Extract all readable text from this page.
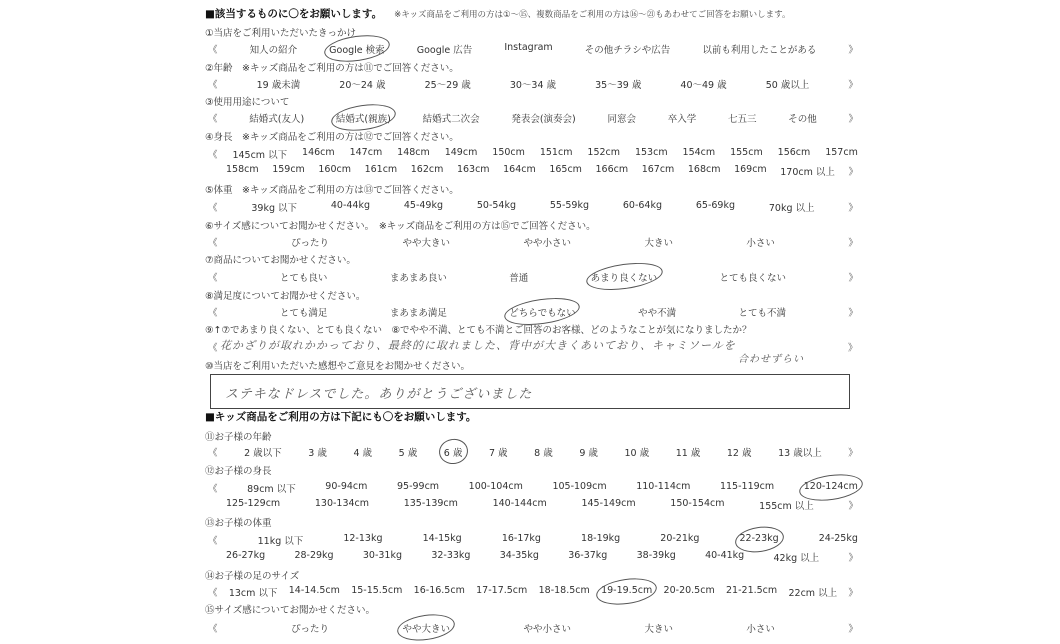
■該当するものに〇をお願いします。 ※キッズ商品をご利用の方は①～⑮、複数商品をご利用の方は⑯～㉑もあわせてご回答をお願いします。
①当店をご利用いただいたきっかけ
《	知人の紹介	Google 検索	Google 広告	Instagram	その他チラシや広告	以前も利用したことがある	》
②年齢　※キッズ商品をご利用の方は⑪でご回答ください。
《	19 歳未満	20～24 歳	25～29 歳	30～34 歳	35～39 歳	40～49 歳	50 歳以上	》
③使用用途について
《	結婚式(友人)	結婚式(親族)	結婚式二次会	発表会(演奏会)	同窓会	卒入学	七五三	その他	》
④身長　※キッズ商品をご利用の方は⑫でご回答ください。
《 145cm 以下 146cm 147cm 148cm 149cm 150cm 151cm 152cm 153cm 154cm 155cm 156cm 157cm
158cm 159cm 160cm 161cm 162cm 163cm 164cm 165cm 166cm 167cm 168cm 169cm 170cm 以上 》
⑤体重　※キッズ商品をご利用の方は⑬でご回答ください。
《	39kg 以下	40-44kg	45-49kg	50-54kg	55-59kg	60-64kg	65-69kg	70kg 以上	》
⑥サイズ感についてお聞かせください。　※キッズ商品をご利用の方は⑮でご回答ください。
《	ぴったり	やや大きい	やや小さい	大きい	小さい	》
⑦商品についてお聞かせください。
《	とても良い	まあまあ良い	普通	あまり良くない	とても良くない	》
⑧満足度についてお聞かせください。
《	とても満足	まあまあ満足	どちらでもない	やや不満	とても不満	》
⑨↑⑦であまり良くない、とても良くない　⑧でやや不満、とても不満とご回答のお客様、どのようなことが気になりましたか？
⑩当店をご利用いただいた感想やご意見をお聞かせください。
⑪お子様の年齢
《	2 歳以下	3 歳	4 歳	5 歳	6 歳	7 歳	8 歳	9 歳	10 歳	11 歳	12 歳	13 歳以上	》
⑫お子様の身長
《	89cm 以下	90-94cm	95-99cm	100-104cm	105-109cm	110-114cm	115-119cm	120-124cm
125-129cm	130-134cm	135-139cm	140-144cm	145-149cm	150-154cm	155cm 以上	》
⑬お子様の体重
《	11kg 以下	12-13kg	14-15kg	16-17kg	18-19kg	20-21kg	22-23kg	24-25kg
26-27kg	28-29kg	30-31kg	32-33kg	34-35kg	36-37kg	38-39kg	40-41kg	42kg 以上	》
⑭お子様の足のサイズ
《 13cm 以下 14-14.5cm 15-15.5cm 16-16.5cm 17-17.5cm 18-18.5cm 19-19.5cm 20-20.5cm 21-21.5cm 22cm 以上 》
⑮サイズ感についてお聞かせください。
《	ぴったり	やや大きい	やや小さい	大きい	小さい	》
《 花かざりが取れかかっており、最終的に取れました、背中が大きくあいており、キャミソールを
合わせずらい
》
ステキなドレスでした。ありがとうございました
■キッズ商品をご利用の方は下記にも〇をお願いします。
